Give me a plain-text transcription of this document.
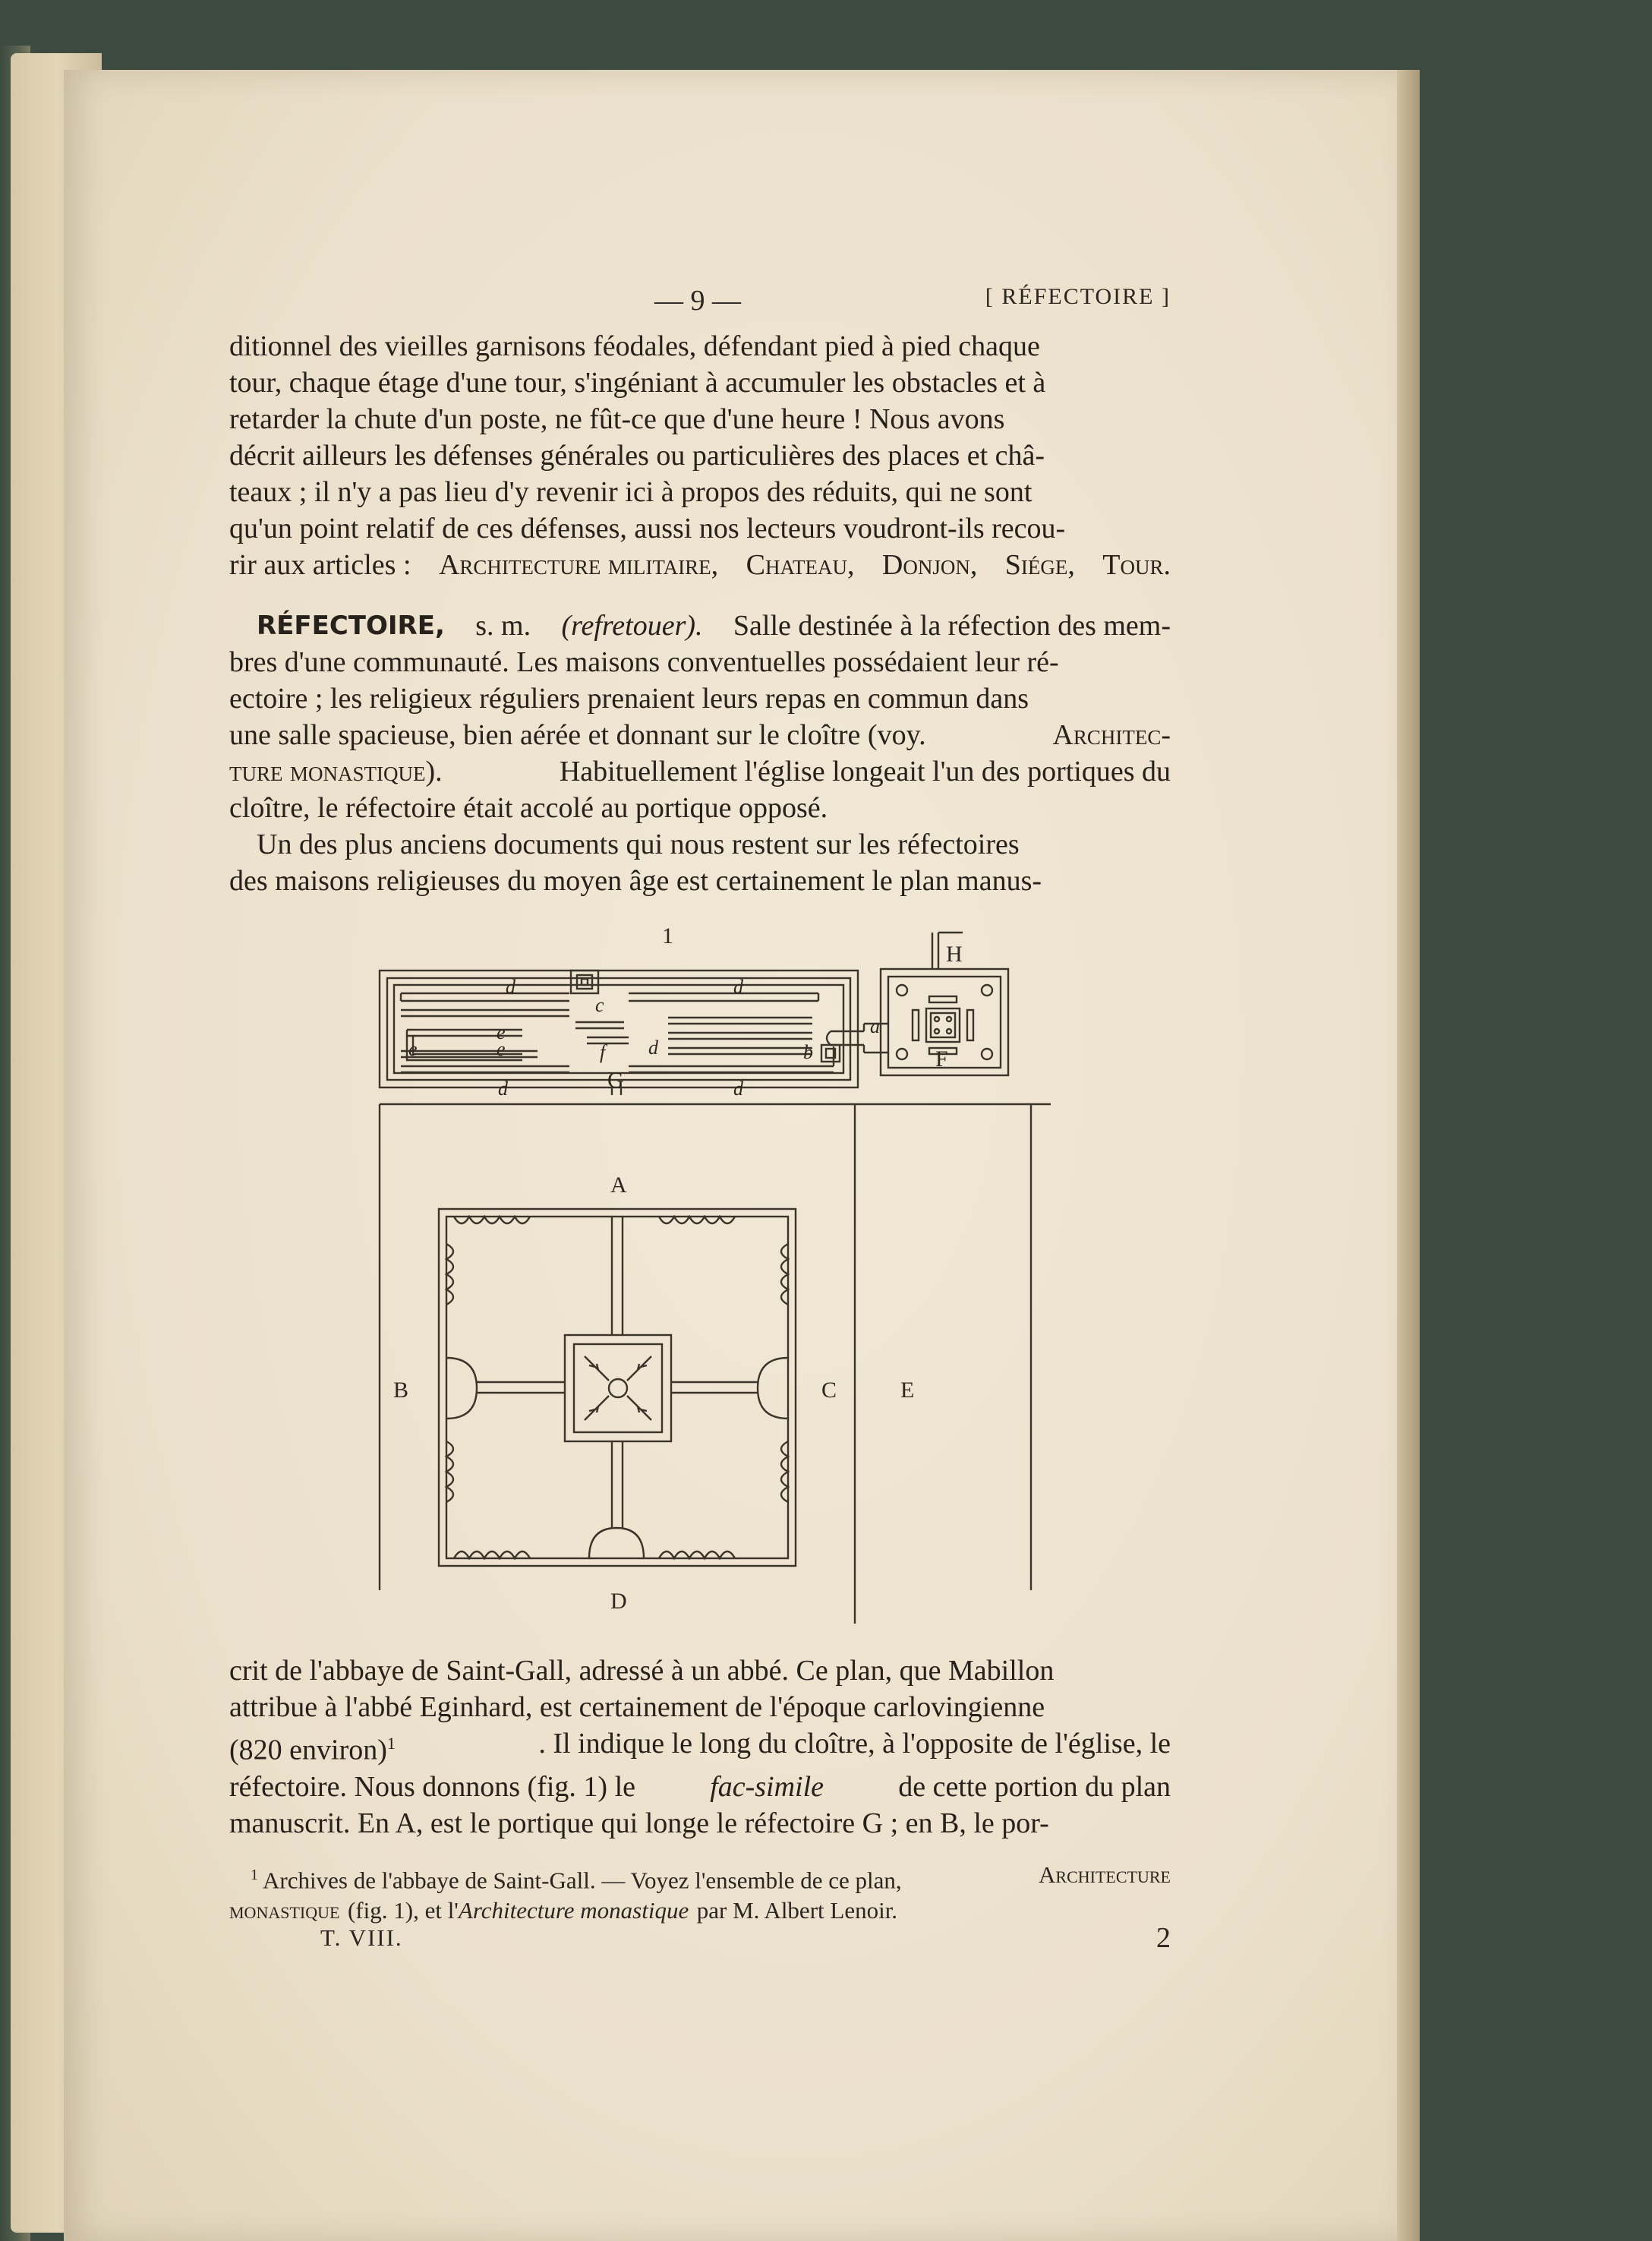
— 9 —	[ RÉFECTOIRE ]
ditionnel des vieilles garnisons féodales, défendant pied à pied chaque
tour, chaque étage d'une tour, s'ingéniant à accumuler les obstacles et à
retarder la chute d'un poste, ne fût-ce que d'une heure ! Nous avons
décrit ailleurs les défenses générales ou particulières des places et châ-
teaux ; il n'y a pas lieu d'y revenir ici à propos des réduits, qui ne sont
qu'un point relatif de ces défenses, aussi nos lecteurs voudront-ils recou-
rir aux articles : Architecture militaire, Chateau, Donjon, Siége, Tour.
RÉFECTOIRE, s. m. (refretouer). Salle destinée à la réfection des mem-
bres d'une communauté. Les maisons conventuelles possédaient leur ré-
ectoire ; les religieux réguliers prenaient leurs repas en commun dans
une salle spacieuse, bien aérée et donnant sur le cloître (voy.	Architec-
ture monastique).	Habituellement l'église longeait l'un des portiques du
cloître, le réfectoire était accolé au portique opposé.
Un des plus anciens documents qui nous restent sur les réfectoires
des maisons religieuses du moyen âge est certainement le plan manus-
1
d
c
d
a
e
e
e	f d	b
G
d	d
H
F
A
B	C	E
D
crit de l'abbaye de Saint-Gall, adressé à un abbé. Ce plan, que Mabillon
attribue à l'abbé Eginhard, est certainement de l'époque carlovingienne
(820 environ)$^1$	. Il indique le long du cloître, à l'opposite de l'église, le
réfectoire. Nous donnons (fig. 1) le	fac-simile	de cette portion du plan
manuscrit. En A, est le portique qui longe le réfectoire G ; en B, le por-
$^1$ Archives de l'abbaye de Saint-Gall. — Voyez l'ensemble de ce plan,	Architecture
monastique (fig. 1), et l'Architecture monastique par M. Albert Lenoir.
T. VIII.	2
